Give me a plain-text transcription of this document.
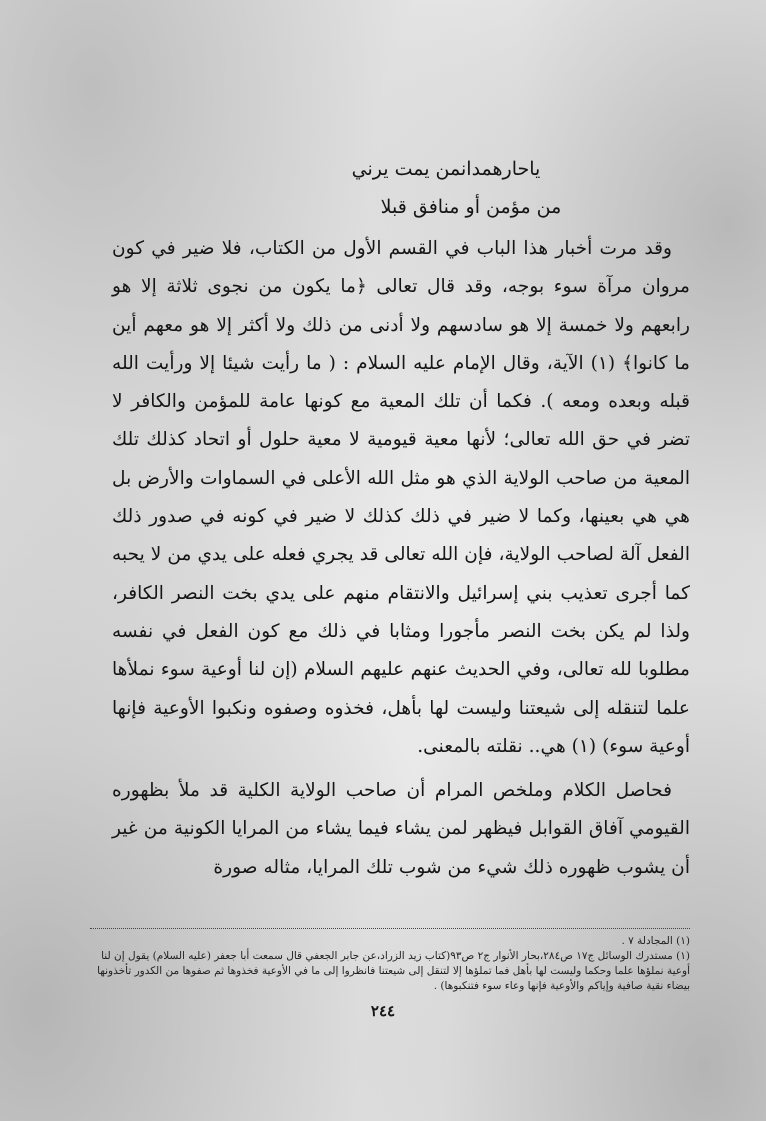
ياحارهمدانمن يمت يرني
من مؤمن أو منافق قبلا

وقد مرت أخبار هذا الباب في القسم الأول من الكتاب، فلا ضير في كون مروان مرآة سوء بوجه، وقد قال تعالى ﴿ما يكون من نجوى ثلاثة إلا هو رابعهم ولا خمسة إلا هو سادسهم ولا أدنى من ذلك ولا أكثر إلا هو معهم أين ما كانوا﴾ (١) الآية، وقال الإمام عليه السلام : ( ما رأيت شيئا إلا ورأيت الله قبله وبعده ومعه ). فكما أن تلك المعية مع كونها عامة للمؤمن والكافر لا تضر في حق الله تعالى؛ لأنها معية قيومية لا معية حلول أو اتحاد كذلك تلك المعية من صاحب الولاية الذي هو مثل الله الأعلى في السماوات والأرض بل هي هي بعينها، وكما لا ضير في ذلك كذلك لا ضير في كونه في صدور ذلك الفعل آلة لصاحب الولاية، فإن الله تعالى قد يجري فعله على يدي من لا يحبه كما أجرى تعذيب بني إسرائيل والانتقام منهم على يدي بخت النصر الكافر، ولذا لم يكن بخت النصر مأجورا ومثابا في ذلك مع كون الفعل في نفسه مطلوبا لله تعالى، وفي الحديث عنهم عليهم السلام (إن لنا أوعية سوء نملأها علما لتنقله إلى شيعتنا وليست لها بأهل، فخذوه وصفوه ونكبوا الأوعية فإنها أوعية سوء) (١) هي.. نقلته بالمعنى.

فحاصل الكلام وملخص المرام أن صاحب الولاية الكلية قد ملأ بظهوره القيومي آفاق القوابل فيظهر لمن يشاء فيما يشاء من المرايا الكونية من غير أن يشوب ظهوره ذلك شيء من شوب تلك المرايا، مثاله صورة

(١) المجادلة ٧ .
(١) مستدرك الوسائل ج١٧ ص٢٨٤،بحار الأنوار ج٢ ص٩٣(كتاب زيد الزراد،عن جابر الجعفي قال سمعت أبا جعفر (عليه السلام) يقول إن لنا أوعية نملؤها علما وحكما وليست لها بأهل فما تملؤها إلا لتنقل إلى شيعتنا فانظروا إلى ما في الأوعية فخذوها ثم صفوها من الكدور تأخذونها بيضاء نقية صافية وإياكم والأوعية فإنها وعاء سوء فتنكبوها) .
٢٤٤
